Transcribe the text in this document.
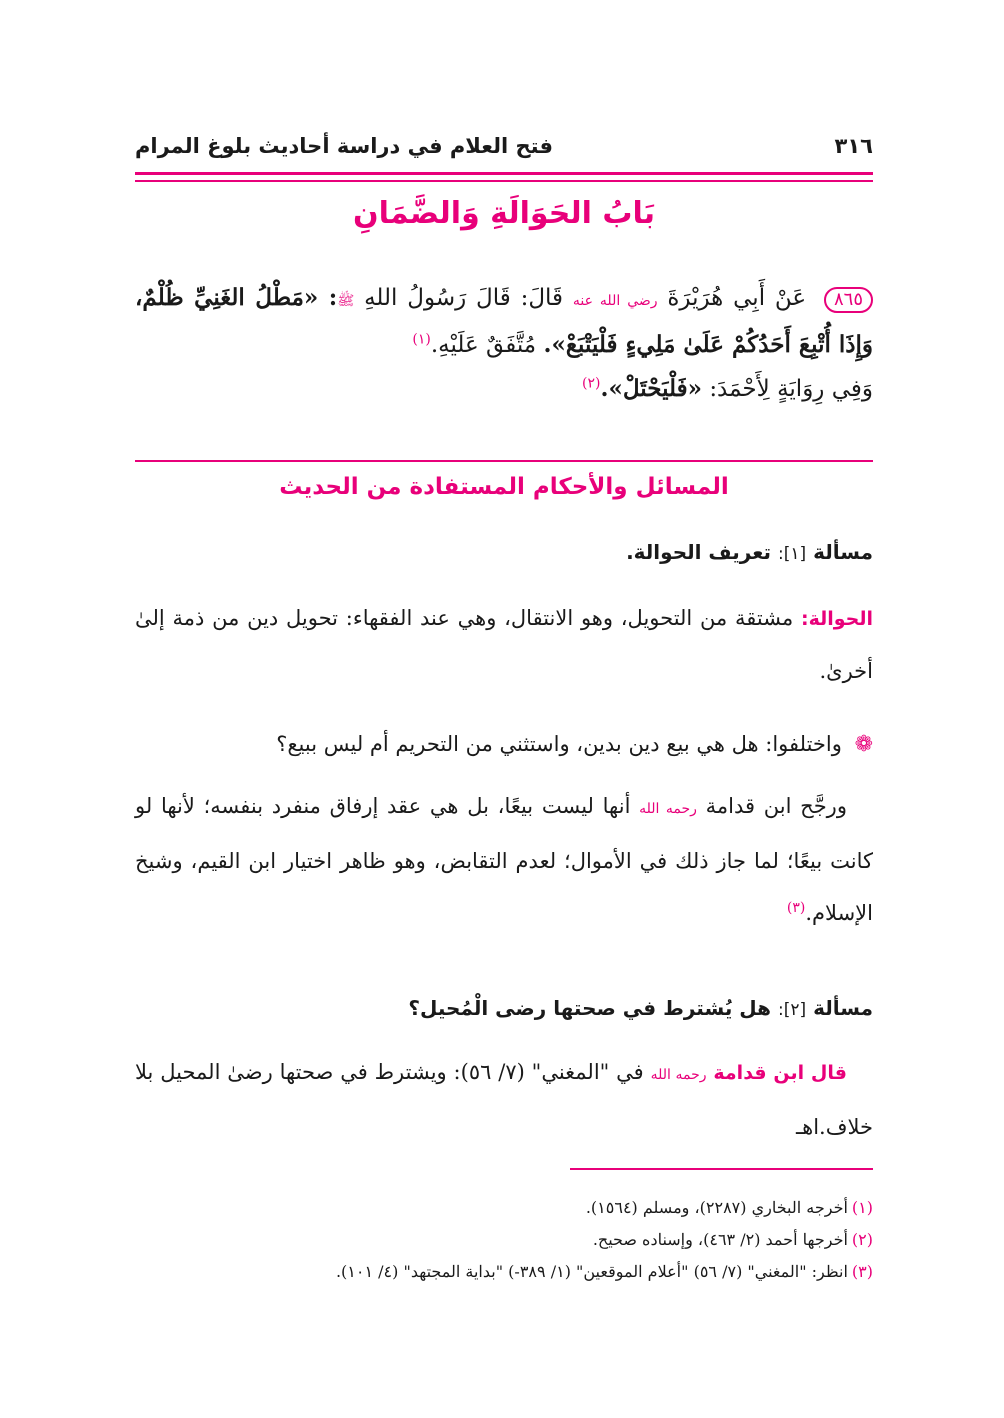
٣١٦
فتح العلام في دراسة أحاديث بلوغ المرام
بَابُ الحَوَالَةِ وَالضَّمَانِ
٨٦٥ عَنْ أَبِي هُرَيْرَةَ رضي الله عنه قَالَ: قَالَ رَسُولُ اللهِ ﷺ: «مَطْلُ الغَنِيِّ ظُلْمٌ، وَإِذَا أُتْبِعَ أَحَدُكُمْ عَلَىٰ مَلِيءٍ فَلْيَتْبَعْ». مُتَّفَقٌ عَلَيْهِ.$^{(١)}$
وَفِي رِوَايَةٍ لِأَحْمَدَ: «فَلْيَحْتَلْ».$^{(٢)}$
المسائل والأحكام المستفادة من الحديث
مسألة [١]: تعريف الحوالة.
الحوالة: مشتقة من التحويل، وهو الانتقال، وهي عند الفقهاء: تحويل دين من ذمة إلىٰ أخرىٰ.
❁ واختلفوا: هل هي بيع دين بدين، واستثني من التحريم أم ليس ببيع؟
ورجَّح ابن قدامة رحمه الله أنها ليست بيعًا، بل هي عقد إرفاق منفرد بنفسه؛ لأنها لو كانت بيعًا؛ لما جاز ذلك في الأموال؛ لعدم التقابض، وهو ظاهر اختيار ابن القيم، وشيخ الإسلام.$^{(٣)}$
مسألة [٢]: هل يُشترط في صحتها رضى الْمُحيل؟
قال ابن قدامة رحمه الله في "المغني" (٧/ ٥٦): ويشترط في صحتها رضىٰ المحيل بلا خلاف.اهـ
(١)أخرجه البخاري (٢٢٨٧)، ومسلم (١٥٦٤).
(٢)أخرجها أحمد (٢/ ٤٦٣)، وإسناده صحيح.
(٣)انظر: "المغني" (٧/ ٥٦) "أعلام الموقعين" (١/ ٣٨٩-) "بداية المجتهد" (٤/ ١٠١).
